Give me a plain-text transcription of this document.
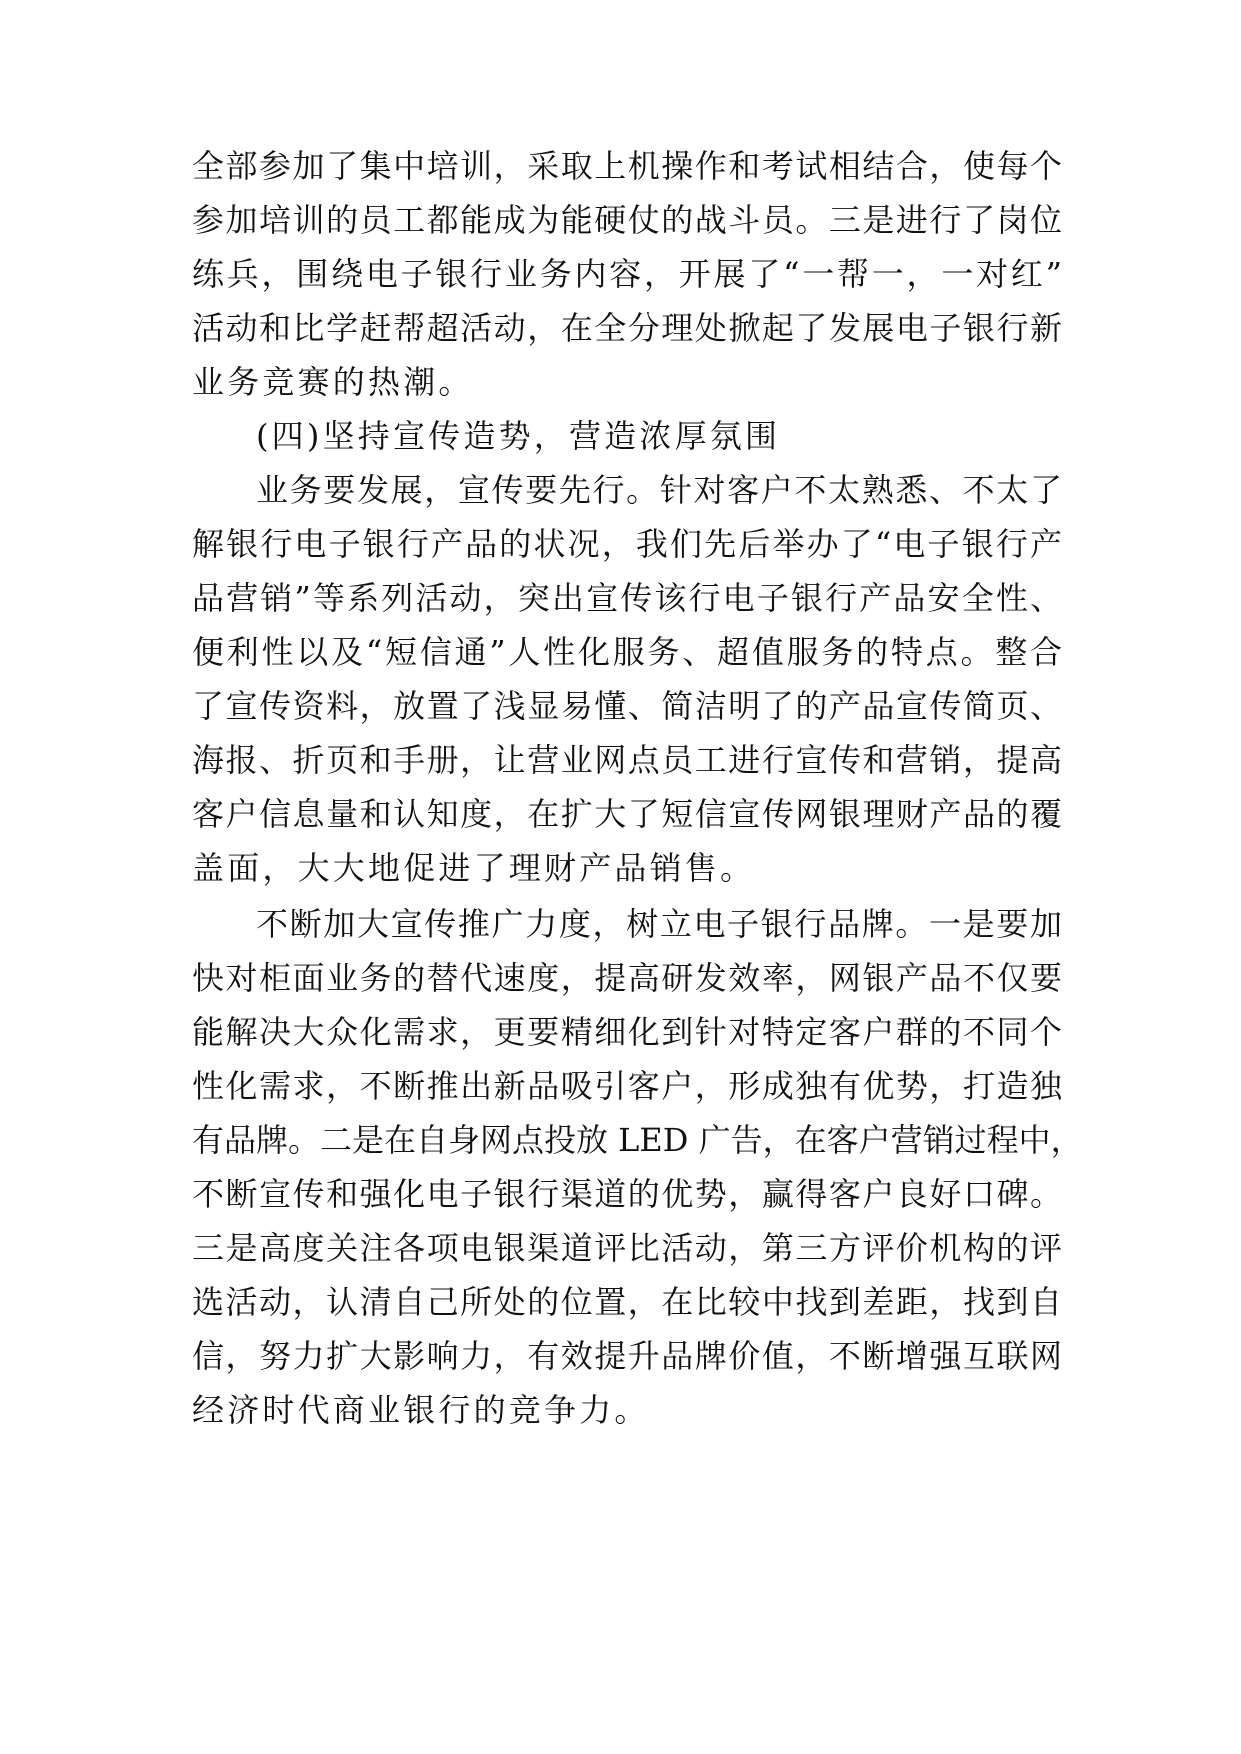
全部参加了集中培训，采取上机操作和考试相结合，使每个
参加培训的员工都能成为能硬仗的战斗员。三是进行了岗位
练兵，围绕电子银行业务内容，开展了“一帮一，一对红”
活动和比学赶帮超活动，在全分理处掀起了发展电子银行新
业务竞赛的热潮。
(四)坚持宣传造势，营造浓厚氛围
业务要发展，宣传要先行。针对客户不太熟悉、不太了
解银行电子银行产品的状况，我们先后举办了“电子银行产
品营销”等系列活动，突出宣传该行电子银行产品安全性、
便利性以及“短信通”人性化服务、超值服务的特点。整合
了宣传资料，放置了浅显易懂、简洁明了的产品宣传简页、
海报、折页和手册，让营业网点员工进行宣传和营销，提高
客户信息量和认知度，在扩大了短信宣传网银理财产品的覆
盖面，大大地促进了理财产品销售。
不断加大宣传推广力度，树立电子银行品牌。一是要加
快对柜面业务的替代速度，提高研发效率，网银产品不仅要
能解决大众化需求，更要精细化到针对特定客户群的不同个
性化需求，不断推出新品吸引客户，形成独有优势，打造独
有品牌。二是在自身网点投放 LED 广告，在客户营销过程中，
不断宣传和强化电子银行渠道的优势，赢得客户良好口碑。
三是高度关注各项电银渠道评比活动，第三方评价机构的评
选活动，认清自己所处的位置，在比较中找到差距，找到自
信，努力扩大影响力，有效提升品牌价值，不断增强互联网
经济时代商业银行的竞争力。
